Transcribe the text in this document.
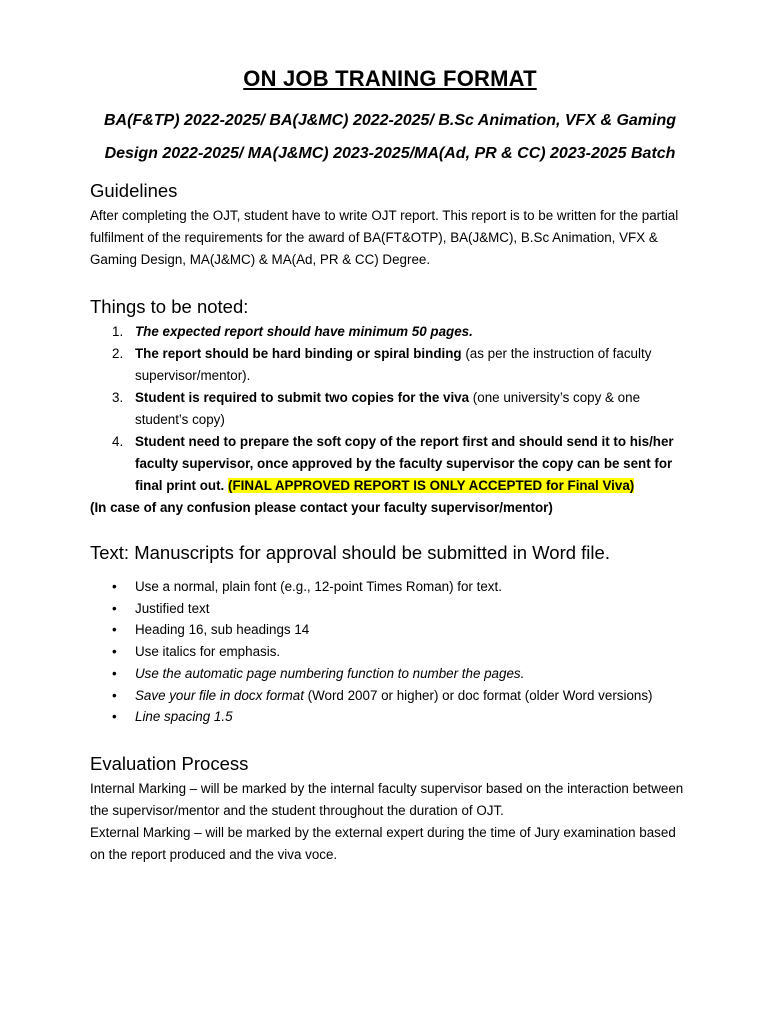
ON JOB TRANING FORMAT
BA(F&TP) 2022-2025/ BA(J&MC) 2022-2025/ B.Sc Animation, VFX & Gaming
Design 2022-2025/ MA(J&MC) 2023-2025/MA(Ad, PR & CC) 2023-2025 Batch
Guidelines
After completing the OJT, student have to write OJT report. This report is to be written for the partial fulfilment of the requirements for the award of BA(FT&OTP), BA(J&MC), B.Sc Animation, VFX & Gaming Design, MA(J&MC) & MA(Ad, PR & CC) Degree.
Things to be noted:
1. The expected report should have minimum 50 pages.
2. The report should be hard binding or spiral binding (as per the instruction of faculty supervisor/mentor).
3. Student is required to submit two copies for the viva (one university’s copy & one student’s copy)
4. Student need to prepare the soft copy of the report first and should send it to his/her faculty supervisor, once approved by the faculty supervisor the copy can be sent for final print out. (FINAL APPROVED REPORT IS ONLY ACCEPTED for Final Viva)
(In case of any confusion please contact your faculty supervisor/mentor)
Text: Manuscripts for approval should be submitted in Word file.
• Use a normal, plain font (e.g., 12-point Times Roman) for text.
• Justified text
• Heading 16, sub headings 14
• Use italics for emphasis.
• Use the automatic page numbering function to number the pages.
• Save your file in docx format (Word 2007 or higher) or doc format (older Word versions)
• Line spacing 1.5
Evaluation Process
Internal Marking – will be marked by the internal faculty supervisor based on the interaction between the supervisor/mentor and the student throughout the duration of OJT.
External Marking – will be marked by the external expert during the time of Jury examination based on the report produced and the viva voce.
